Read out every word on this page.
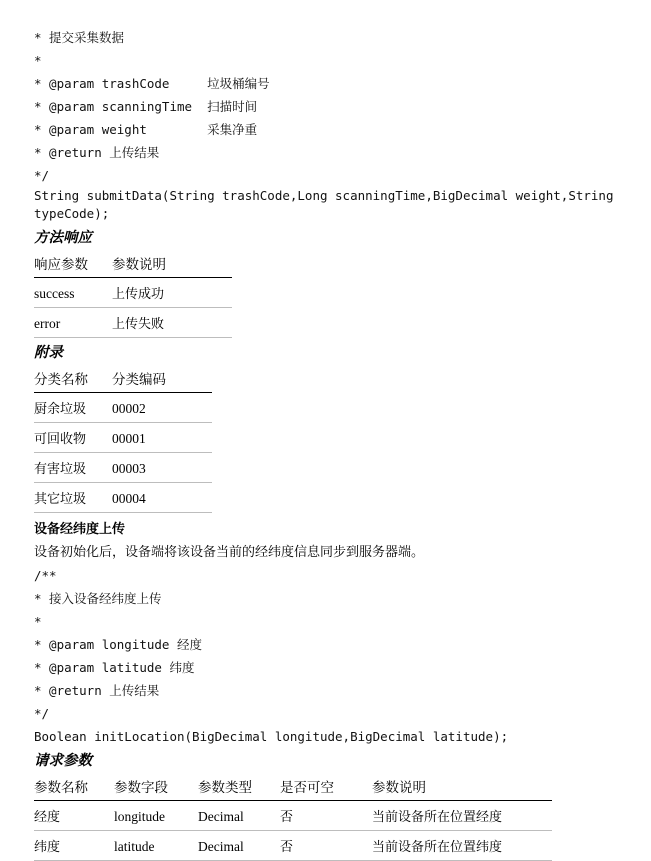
* 提交采集数据
*
* @param trashCode     垃圾桶编号
* @param scanningTime  扫描时间
* @param weight        采集净重
* @return 上传结果
*/
String submitData(String trashCode,Long scanningTime,BigDecimal weight,String typeCode);
方法响应
响应参数	参数说明
success	上传成功
error	上传失败
附录
分类名称	分类编码
厨余垃圾	00002
可回收物	00001
有害垃圾	00003
其它垃圾	00004
设备经纬度上传
设备初始化后，设备端将该设备当前的经纬度信息同步到服务器端。
/**
* 接入设备经纬度上传
*
* @param longitude 经度
* @param latitude 纬度
* @return 上传结果
*/
Boolean initLocation(BigDecimal longitude,BigDecimal latitude);
请求参数
参数名称	参数字段	参数类型	是否可空	参数说明
经度	longitude	Decimal	否	当前设备所在位置经度
纬度	latitude	Decimal	否	当前设备所在位置纬度
